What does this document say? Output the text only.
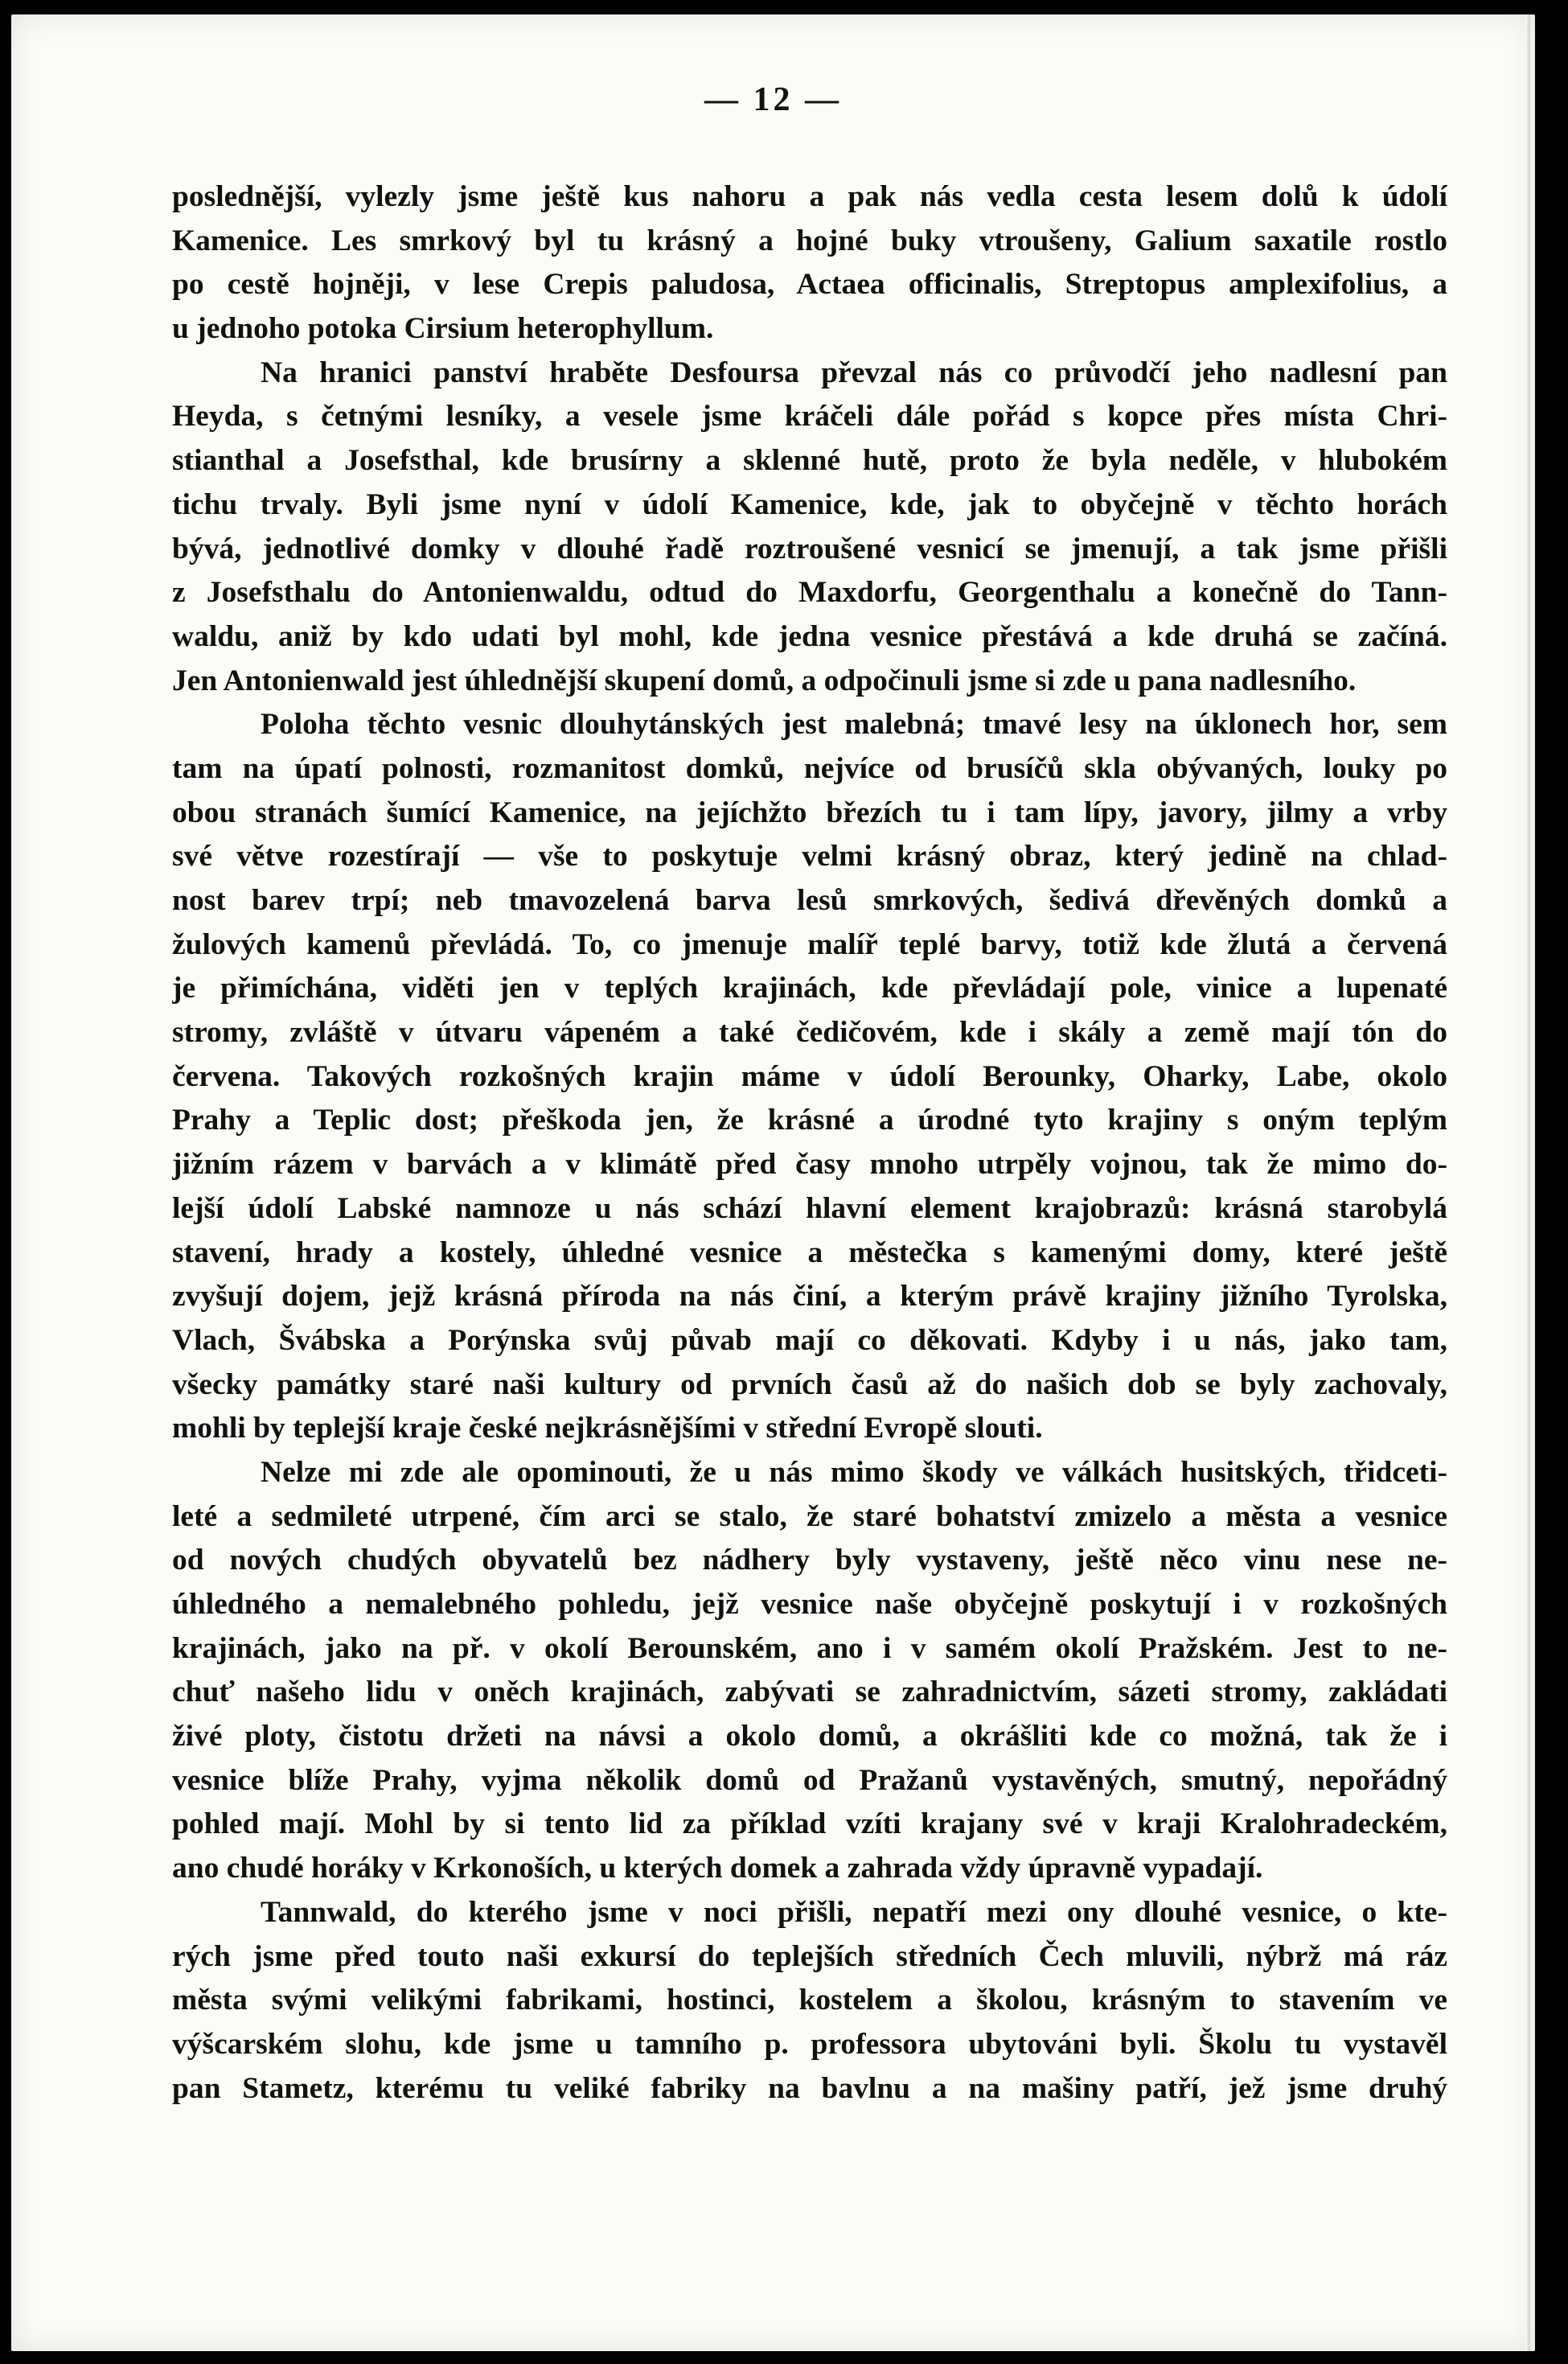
— 12 —
poslednější, vylezly jsme ještě kus nahoru a pak nás vedla cesta lesem dolů k údolí
Kamenice. Les smrkový byl tu krásný a hojné buky vtroušeny, Galium saxatile rostlo
po cestě hojněji, v lese Crepis paludosa, Actaea officinalis, Streptopus amplexifolius, a
u jednoho potoka Cirsium heterophyllum.
Na hranici panství hraběte Desfoursa převzal nás co průvodčí jeho nadlesní pan
Heyda, s četnými lesníky, a vesele jsme kráčeli dále pořád s kopce přes místa Chri-
stianthal a Josefsthal, kde brusírny a sklenné hutě, proto že byla neděle, v hlubokém
tichu trvaly. Byli jsme nyní v údolí Kamenice, kde, jak to obyčejně v těchto horách
bývá, jednotlivé domky v dlouhé řadě roztroušené vesnicí se jmenují, a tak jsme přišli
z Josefsthalu do Antonienwaldu, odtud do Maxdorfu, Georgenthalu a konečně do Tann-
waldu, aniž by kdo udati byl mohl, kde jedna vesnice přestává a kde druhá se začíná.
Jen Antonienwald jest úhlednější skupení domů, a odpočinuli jsme si zde u pana nadlesního.
Poloha těchto vesnic dlouhytánských jest malebná; tmavé lesy na úklonech hor, sem
tam na úpatí polnosti, rozmanitost domků, nejvíce od brusíčů skla obývaných, louky po
obou stranách šumící Kamenice, na jejíchžto březích tu i tam lípy, javory, jilmy a vrby
své větve rozestírají — vše to poskytuje velmi krásný obraz, který jedině na chlad-
nost barev trpí; neb tmavozelená barva lesů smrkových, šedivá dřevěných domků a
žulových kamenů převládá. To, co jmenuje malíř teplé barvy, totiž kde žlutá a červená
je přimíchána, viděti jen v teplých krajinách, kde převládají pole, vinice a lupenaté
stromy, zvláště v útvaru vápeném a také čedičovém, kde i skály a země mají tón do
červena. Takových rozkošných krajin máme v údolí Berounky, Oharky, Labe, okolo
Prahy a Teplic dost; přeškoda jen, že krásné a úrodné tyto krajiny s oným teplým
jižním rázem v barvách a v klimátě před časy mnoho utrpěly vojnou, tak že mimo do-
lejší údolí Labské namnoze u nás schází hlavní element krajobrazů: krásná starobylá
stavení, hrady a kostely, úhledné vesnice a městečka s kamenými domy, které ještě
zvyšují dojem, jejž krásná příroda na nás činí, a kterým právě krajiny jižního Tyrolska,
Vlach, Švábska a Porýnska svůj půvab mají co děkovati. Kdyby i u nás, jako tam,
všecky památky staré naši kultury od prvních časů až do našich dob se byly zachovaly,
mohli by teplejší kraje české nejkrásnějšími v střední Evropě slouti.
Nelze mi zde ale opominouti, že u nás mimo škody ve válkách husitských, třidceti-
leté a sedmileté utrpené, čím arci se stalo, že staré bohatství zmizelo a města a vesnice
od nových chudých obyvatelů bez nádhery byly vystaveny, ještě něco vinu nese ne-
úhledného a nemalebného pohledu, jejž vesnice naše obyčejně poskytují i v rozkošných
krajinách, jako na př. v okolí Berounském, ano i v samém okolí Pražském. Jest to ne-
chuť našeho lidu v oněch krajinách, zabývati se zahradnictvím, sázeti stromy, zakládati
živé ploty, čistotu držeti na návsi a okolo domů, a okrášliti kde co možná, tak že i
vesnice blíže Prahy, vyjma několik domů od Pražanů vystavěných, smutný, nepořádný
pohled mají. Mohl by si tento lid za příklad vzíti krajany své v kraji Kralohradeckém,
ano chudé horáky v Krkonoších, u kterých domek a zahrada vždy úpravně vypadají.
Tannwald, do kterého jsme v noci přišli, nepatří mezi ony dlouhé vesnice, o kte-
rých jsme před touto naši exkursí do teplejších středních Čech mluvili, nýbrž má ráz
města svými velikými fabrikami, hostinci, kostelem a školou, krásným to stavením ve
výšcarském slohu, kde jsme u tamního p. professora ubytováni byli. Školu tu vystavěl
pan Stametz, kterému tu veliké fabriky na bavlnu a na mašiny patří, jež jsme druhý
